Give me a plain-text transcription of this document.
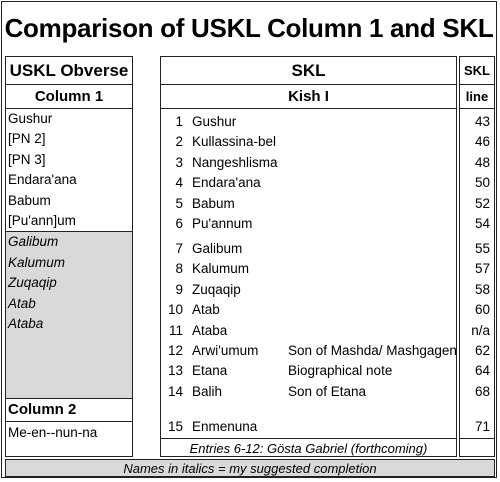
Comparison of USKL Column 1 and SKL
USKL Obverse
Column 1
Gushur
[PN 2]
[PN 3]
Endara'ana
Babum
[Pu'ann]um
Galibum
Kalumum
Zuqaqip
Atab
Ataba
Column 2
Me-en--nun-na
SKL
Kish I
1 Gushur
2 Kullassina-bel
3 Nangeshlisma
4 Endara'ana
5 Babum
6 Pu'annum
7 Galibum
8 Kalumum
9 Zuqaqip
10 Atab
11 Ataba
12 Arwi'umum Son of Mashda/ Mashgagen
13 Etana	Biographical note
14 Balih	Son of Etana
15 Enmenuna
Entries 6-12: Gösta Gabriel (forthcoming)
SKL
line
43
46
48
50
52
54
55
57
58
60
n/a
62
64
68
71
Names in italics = my suggested completion
